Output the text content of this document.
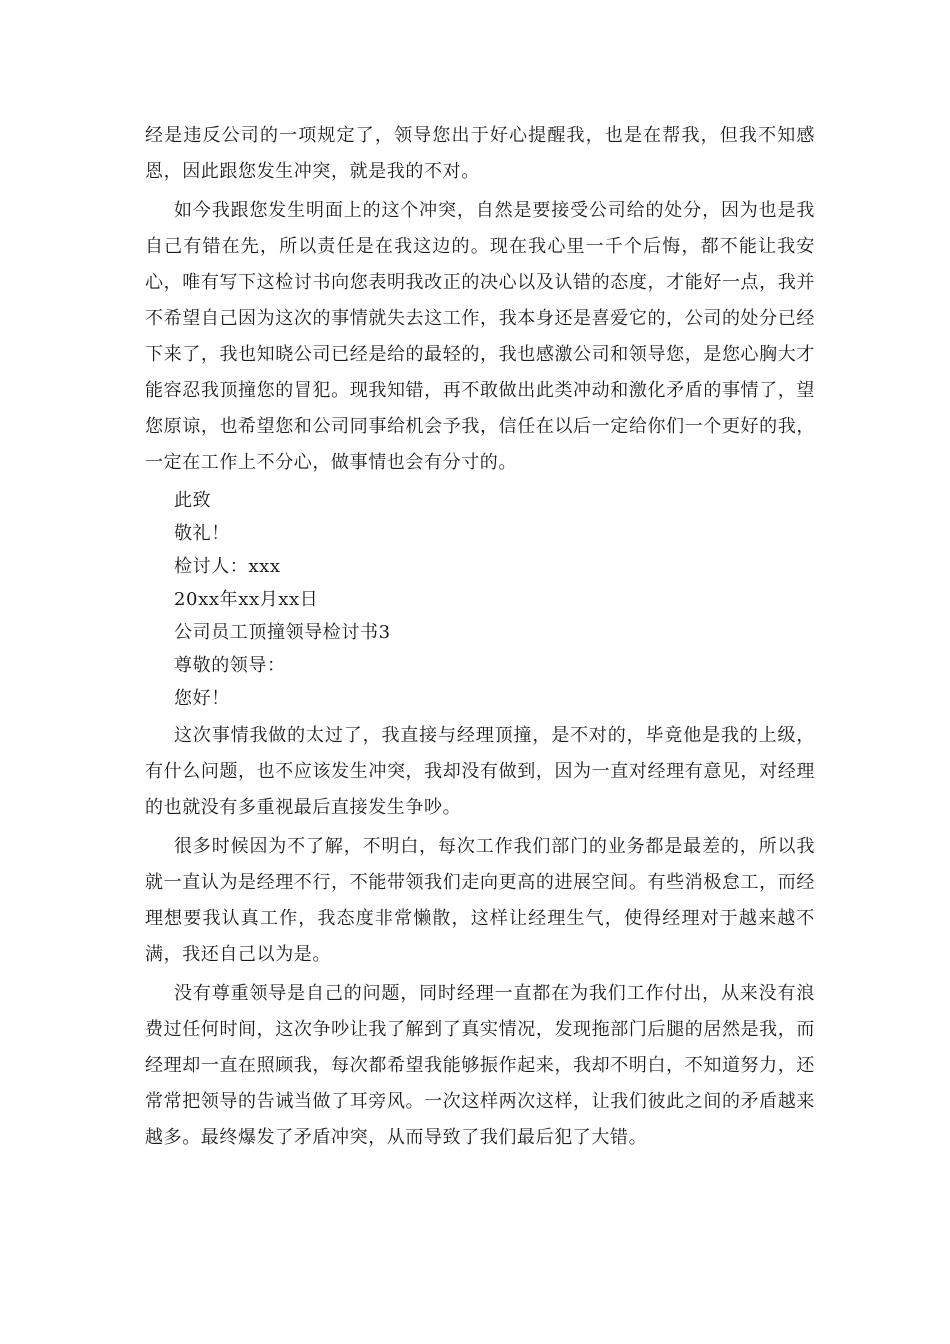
经是违反公司的一项规定了，领导您出于好心提醒我，也是在帮我，但我不知感恩，因此跟您发生冲突，就是我的不对。

如今我跟您发生明面上的这个冲突，自然是要接受公司给的处分，因为也是我自己有错在先，所以责任是在我这边的。现在我心里一千个后悔，都不能让我安心，唯有写下这检讨书向您表明我改正的决心以及认错的态度，才能好一点，我并不希望自己因为这次的事情就失去这工作，我本身还是喜爱它的，公司的处分已经下来了，我也知晓公司已经是给的最轻的，我也感激公司和领导您，是您心胸大才能容忍我顶撞您的冒犯。现我知错，再不敢做出此类冲动和激化矛盾的事情了，望您原谅，也希望您和公司同事给机会予我，信任在以后一定给你们一个更好的我，一定在工作上不分心，做事情也会有分寸的。

此致

敬礼！

检讨人：xxx

20xx年xx月xx日

公司员工顶撞领导检讨书3

尊敬的领导：

您好！

这次事情我做的太过了，我直接与经理顶撞，是不对的，毕竟他是我的上级，有什么问题，也不应该发生冲突，我却没有做到，因为一直对经理有意见，对经理的也就没有多重视最后直接发生争吵。

很多时候因为不了解，不明白，每次工作我们部门的业务都是最差的，所以我就一直认为是经理不行，不能带领我们走向更高的进展空间。有些消极怠工，而经理想要我认真工作，我态度非常懒散，这样让经理生气，使得经理对于越来越不满，我还自己以为是。

没有尊重领导是自己的问题，同时经理一直都在为我们工作付出，从来没有浪费过任何时间，这次争吵让我了解到了真实情况，发现拖部门后腿的居然是我，而经理却一直在照顾我，每次都希望我能够振作起来，我却不明白，不知道努力，还常常把领导的告诫当做了耳旁风。一次这样两次这样，让我们彼此之间的矛盾越来越多。最终爆发了矛盾冲突，从而导致了我们最后犯了大错。
